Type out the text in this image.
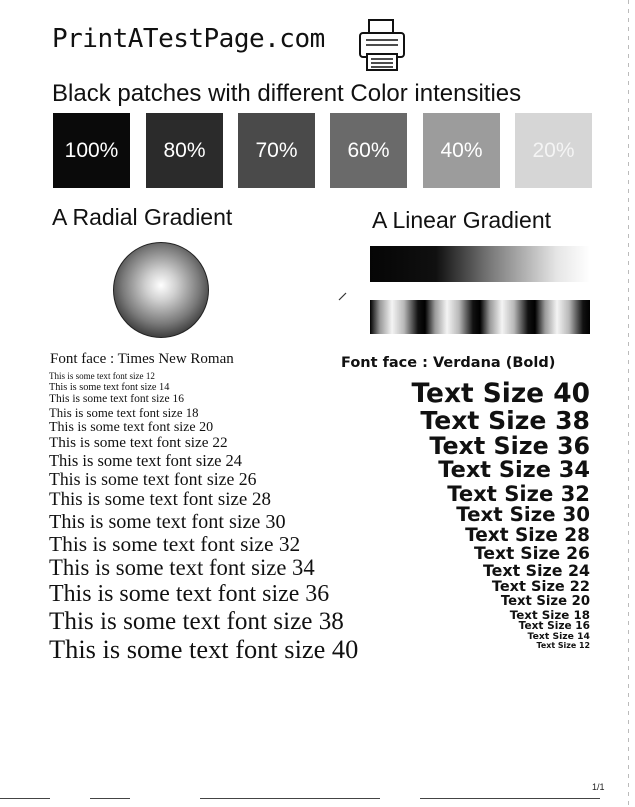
PrintATestPage.com
Black patches with different Color intensities
100% 80% 70% 60% 40% 20%
A Radial Gradient	A Linear Gradient
Font face : Times New Roman	Font face : Verdana (Bold)
This is some text font size 12
This is some text font size 14
This is some text font size 16
This is some text font size 18
This is some text font size 20
This is some text font size 22
This is some text font size 24
This is some text font size 26
This is some text font size 28
This is some text font size 30
This is some text font size 32
This is some text font size 34
This is some text font size 36
This is some text font size 38
This is some text font size 40
Text Size 40
Text Size 38
Text Size 36
Text Size 34
Text Size 32
Text Size 30
Text Size 28
Text Size 26
Text Size 24
Text Size 22
Text Size 20
Text Size 18
Text Size 16
Text Size 14
Text Size 12
1/1
